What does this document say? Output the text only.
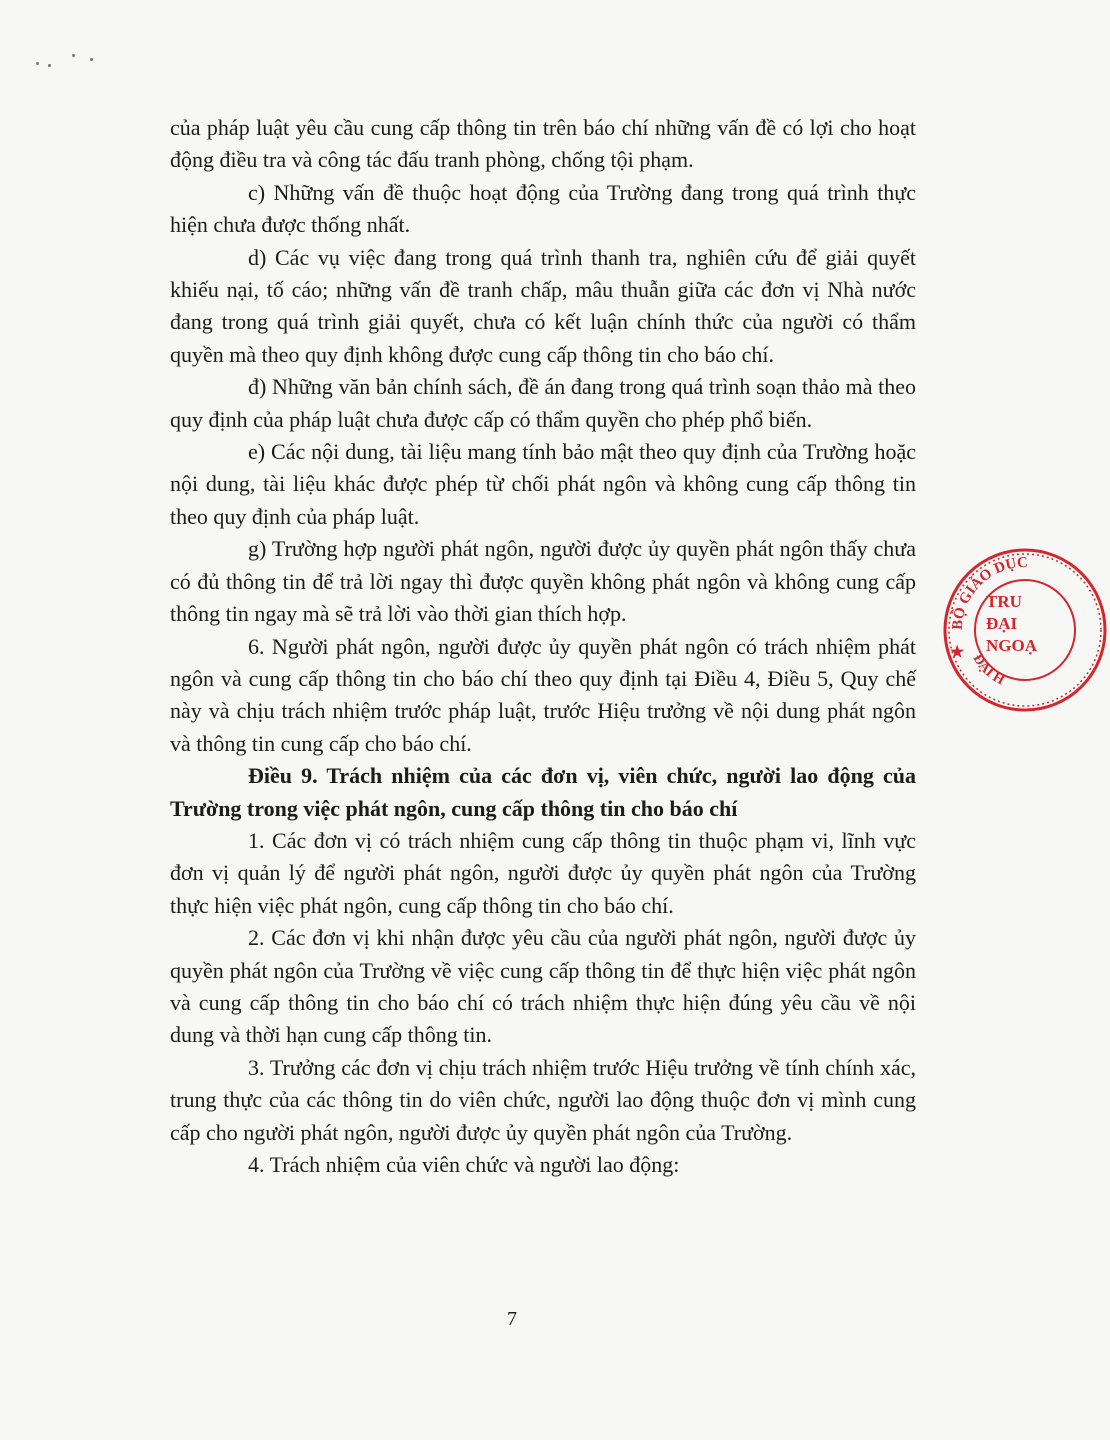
của pháp luật yêu cầu cung cấp thông tin trên báo chí những vấn đề có lợi cho hoạt động điều tra và công tác đấu tranh phòng, chống tội phạm.

c) Những vấn đề thuộc hoạt động của Trường đang trong quá trình thực hiện chưa được thống nhất.

d) Các vụ việc đang trong quá trình thanh tra, nghiên cứu để giải quyết khiếu nại, tố cáo; những vấn đề tranh chấp, mâu thuẫn giữa các đơn vị Nhà nước đang trong quá trình giải quyết, chưa có kết luận chính thức của người có thẩm quyền mà theo quy định không được cung cấp thông tin cho báo chí.

đ) Những văn bản chính sách, đề án đang trong quá trình soạn thảo mà theo quy định của pháp luật chưa được cấp có thẩm quyền cho phép phổ biến.

e) Các nội dung, tài liệu mang tính bảo mật theo quy định của Trường hoặc nội dung, tài liệu khác được phép từ chối phát ngôn và không cung cấp thông tin theo quy định của pháp luật.

g) Trường hợp người phát ngôn, người được ủy quyền phát ngôn thấy chưa có đủ thông tin để trả lời ngay thì được quyền không phát ngôn và không cung cấp thông tin ngay mà sẽ trả lời vào thời gian thích hợp.

6. Người phát ngôn, người được ủy quyền phát ngôn có trách nhiệm phát ngôn và cung cấp thông tin cho báo chí theo quy định tại Điều 4, Điều 5, Quy chế này và chịu trách nhiệm trước pháp luật, trước Hiệu trưởng về nội dung phát ngôn và thông tin cung cấp cho báo chí.

Điều 9. Trách nhiệm của các đơn vị, viên chức, người lao động của Trường trong việc phát ngôn, cung cấp thông tin cho báo chí

1. Các đơn vị có trách nhiệm cung cấp thông tin thuộc phạm vi, lĩnh vực đơn vị quản lý để người phát ngôn, người được ủy quyền phát ngôn của Trường thực hiện việc phát ngôn, cung cấp thông tin cho báo chí.

2. Các đơn vị khi nhận được yêu cầu của người phát ngôn, người được ủy quyền phát ngôn của Trường về việc cung cấp thông tin để thực hiện việc phát ngôn và cung cấp thông tin cho báo chí có trách nhiệm thực hiện đúng yêu cầu về nội dung và thời hạn cung cấp thông tin.

3. Trưởng các đơn vị chịu trách nhiệm trước Hiệu trưởng về tính chính xác, trung thực của các thông tin do viên chức, người lao động thuộc đơn vị mình cung cấp cho người phát ngôn, người được ủy quyền phát ngôn của Trường.

4. Trách nhiệm của viên chức và người lao động:

7
BỘ GIÁO DỤC
TRU
ĐẠI
NGOẠ
★ ĐẠI H
